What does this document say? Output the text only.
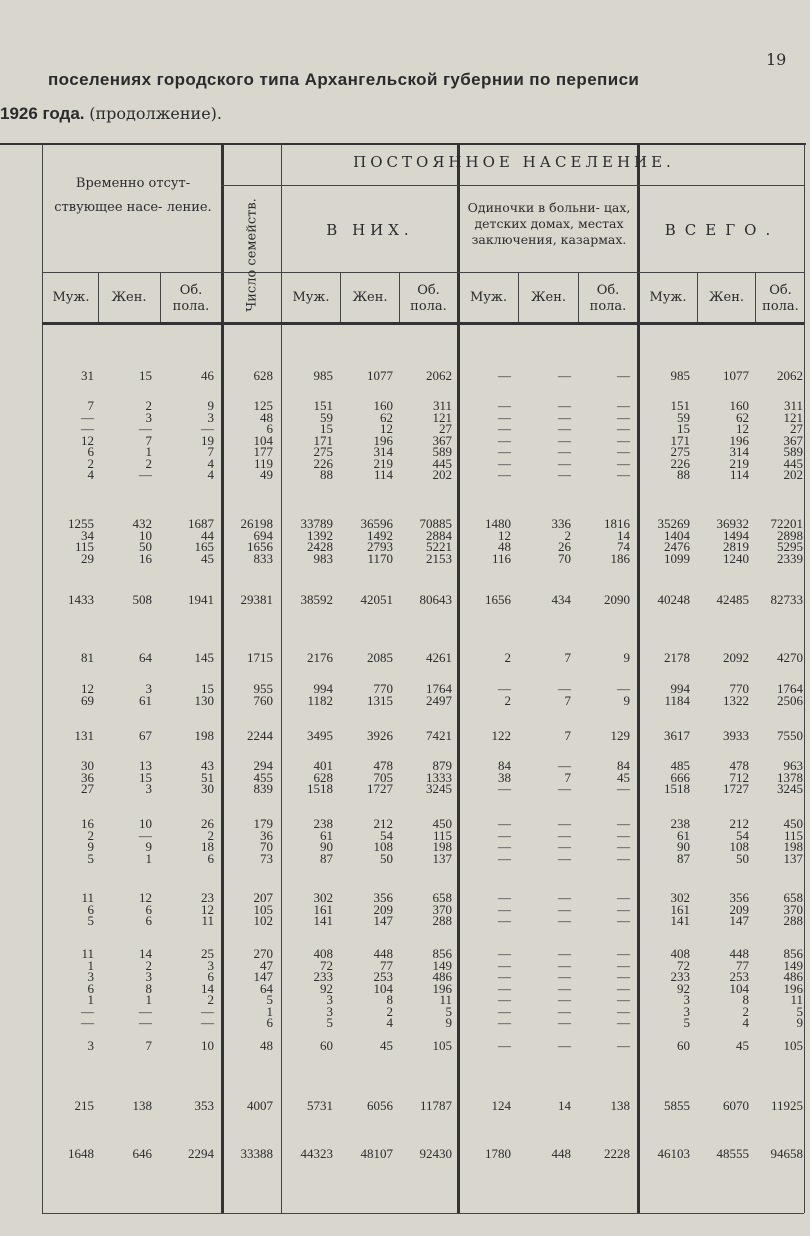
19
поселениях городского типа Архангельской губернии по переписи
1926 года. (продолжение).
Временно отсут- ствующее насе- ление.
ПОСТОЯННОЕ НАСЕЛЕНИЕ.
Число семейств.	В НИХ.
Одиночки в больни- цах, детских домах, местах заключения, казармах.
ВСЕГО.
Муж.	Жен.	Об. пола.
Муж.	Жен.	Об. пола.
Муж.	Жен.	Об. пола.
Муж.	Жен.	Об. пола.
31	15	46	628	985	1077	2062	—	—	—	985	1077 2062
7	2	9	125	151	160	311	—	—	—	151	160	311
—	3	3	48	59	62	121	—	—	—	59	62	121
—	—	—	6	15	12	27	—	—	—	15	12	27
12	7	19	104	171	196	367	—	—	—	171	196	367
6	1	7	177	275	314	589	—	—	—	275	314	589
2	2	4	119	226	219	445	—	—	—	226	219	445
4	—	4	49	88	114	202	—	—	—	88	114	202
1255	432	1687 26198 33789 36596 70885	1480	336	1816 35269 36932 72201
34	10	44	694	1392	1492	2884	12	2	14	1404	1494 2898
115	50	165	1656	2428	2793	5221	48	26	74	2476	2819 5295
29	16	45	833	983	1170	2153	116	70	186	1099	1240 2339
1433	508	1941 29381 38592 42051 80643	1656	434	2090 40248 42485 82733
81	64	145	1715	2176	2085	4261	2	7	9	2178	2092 4270
12	3	15	955	994	770	1764	—	—	—	994	770 1764
69	61	130	760	1182	1315	2497	2	7	9	1184	1322 2506
131	67	198	2244	3495	3926	7421	122	7	129	3617	3933 7550
30	13	43	294	401	478	879	84	—	84	485	478	963
36	15	51	455	628	705	1333	38	7	45	666	712 1378
27	3	30	839	1518	1727	3245	—	—	—	1518	1727 3245
16	10	26	179	238	212	450	—	—	—	238	212	450
2	—	2	36	61	54	115	—	—	—	61	54	115
9	9	18	70	90	108	198	—	—	—	90	108	198
5	1	6	73	87	50	137	—	—	—	87	50	137
11	12	23	207	302	356	658	—	—	—	302	356	658
6	6	12	105	161	209	370	—	—	—	161	209	370
5	6	11	102	141	147	288	—	—	—	141	147	288
11	14	25	270	408	448	856	—	—	—	408	448	856
1	2	3	47	72	77	149	—	—	—	72	77	149
3	3	6	147	233	253	486	—	—	—	233	253	486
6	8	14	64	92	104	196	—	—	—	92	104	196
1	1	2	5	3	8	11	—	—	—	3	8	11
—	—	—	1	3	2	5	—	—	—	3	2	5
—	—	—	6	5	4	9	—	—	—	5	4	9
3	7	10	48	60	45	105	—	—	—	60	45	105
215	138	353	4007	5731	6056 11787	124	14	138	5855	6070 11925
1648	646	2294 33388 44323 48107 92430	1780	448	2228 46103 48555 94658
